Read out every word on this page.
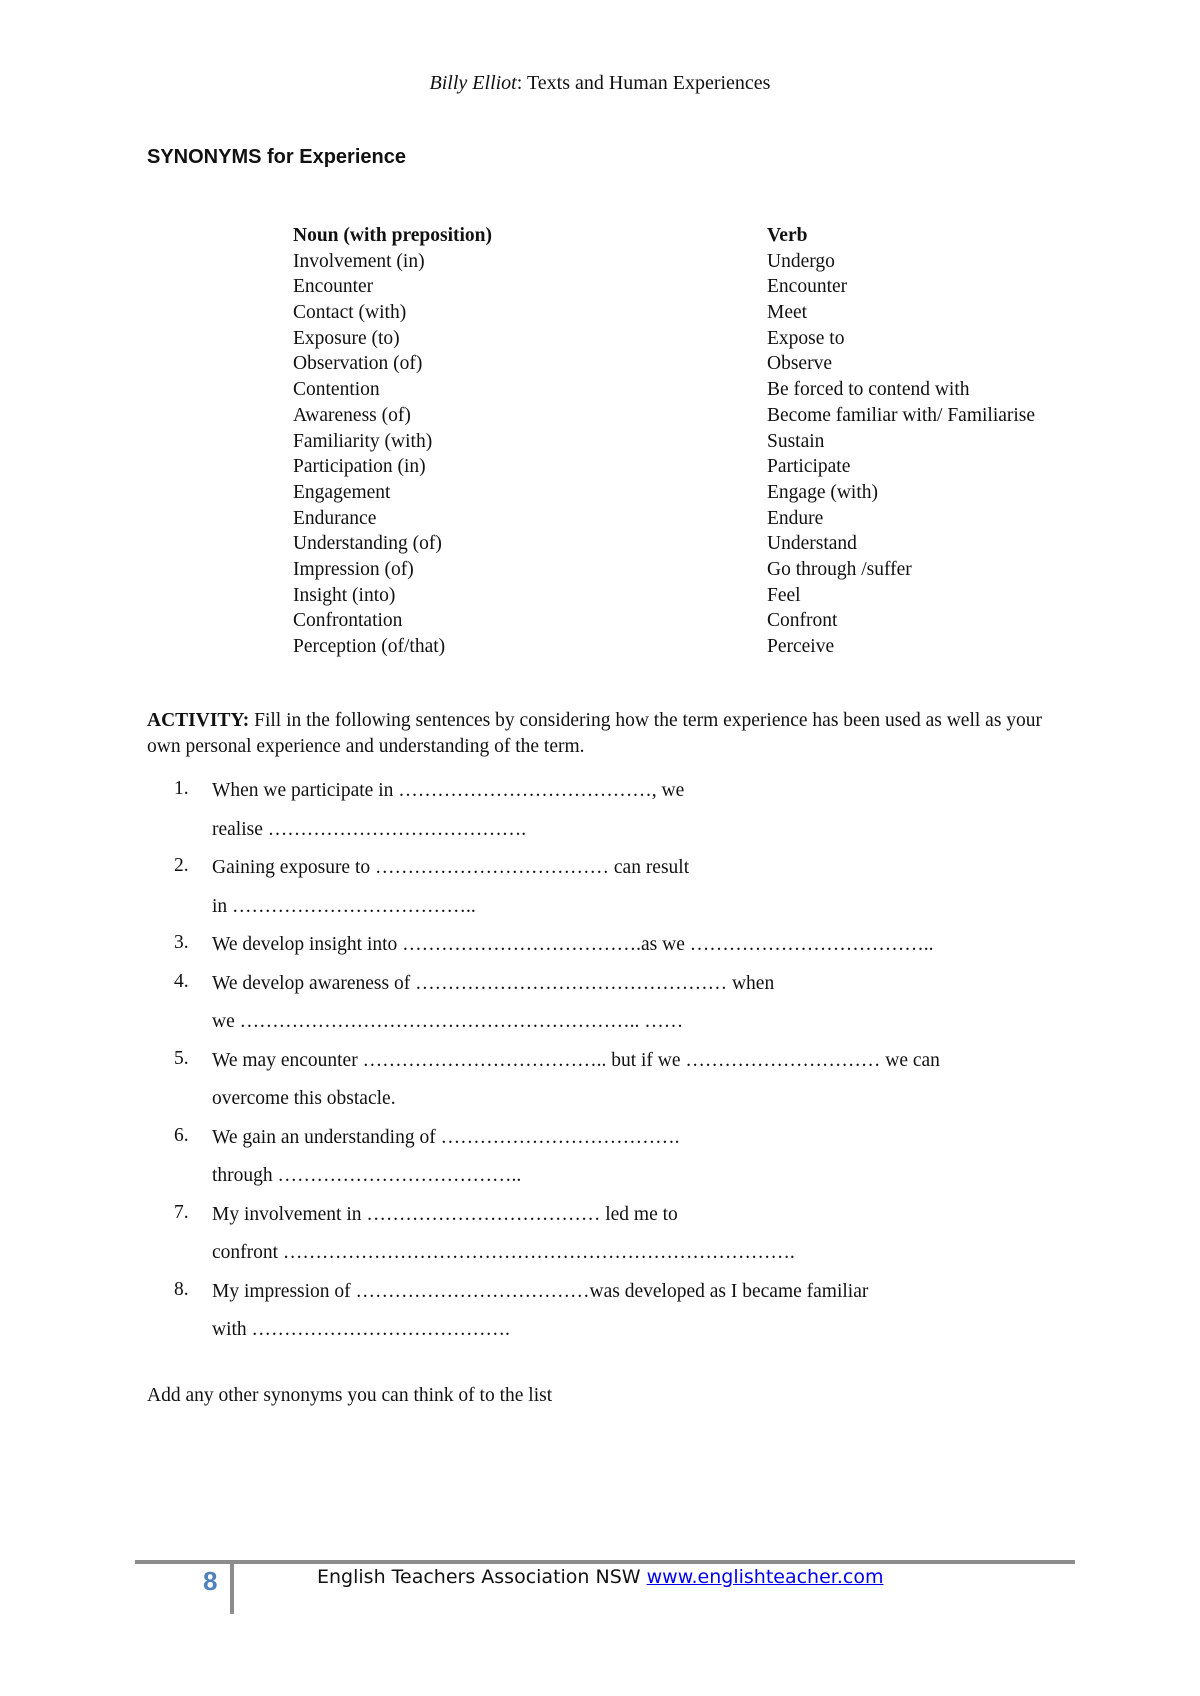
Billy Elliot: Texts and Human Experiences
SYNONYMS for Experience
Noun (with preposition)	Verb
Involvement (in)	Undergo
Encounter	Encounter
Contact (with)	Meet
Exposure (to)	Expose to
Observation (of)	Observe
Contention	Be forced to contend with
Awareness (of)	Become familiar with/ Familiarise
Familiarity (with)	Sustain
Participation (in)	Participate
Engagement	Engage (with)
Endurance	Endure
Understanding (of)	Understand
Impression (of)	Go through /suffer
Insight (into)	Feel
Confrontation	Confront
Perception (of/that)	Perceive
ACTIVITY: Fill in the following sentences by considering how the term experience has been used as well as your own personal experience and understanding of the term.
1. When we participate in …………………………………, we
realise ………………………………….
2. Gaining exposure to ……………………………… can result
in ………………………………..
3. We develop insight into ……………………………….as we ………………………………..
4. We develop awareness of ………………………………………… when
we …………………………………………………….. ……
5. We may encounter ……………………………….. but if we ………………………… we can
overcome this obstacle.
6. We gain an understanding of ……………………………….
through ………………………………..
7. My involvement in ……………………………… led me to
confront …………………………………………………………………….
8. My impression of ………………………………was developed as I became familiar
with ………………………………….
Add any other synonyms you can think of to the list
8	English Teachers Association NSW www.englishteacher.com
